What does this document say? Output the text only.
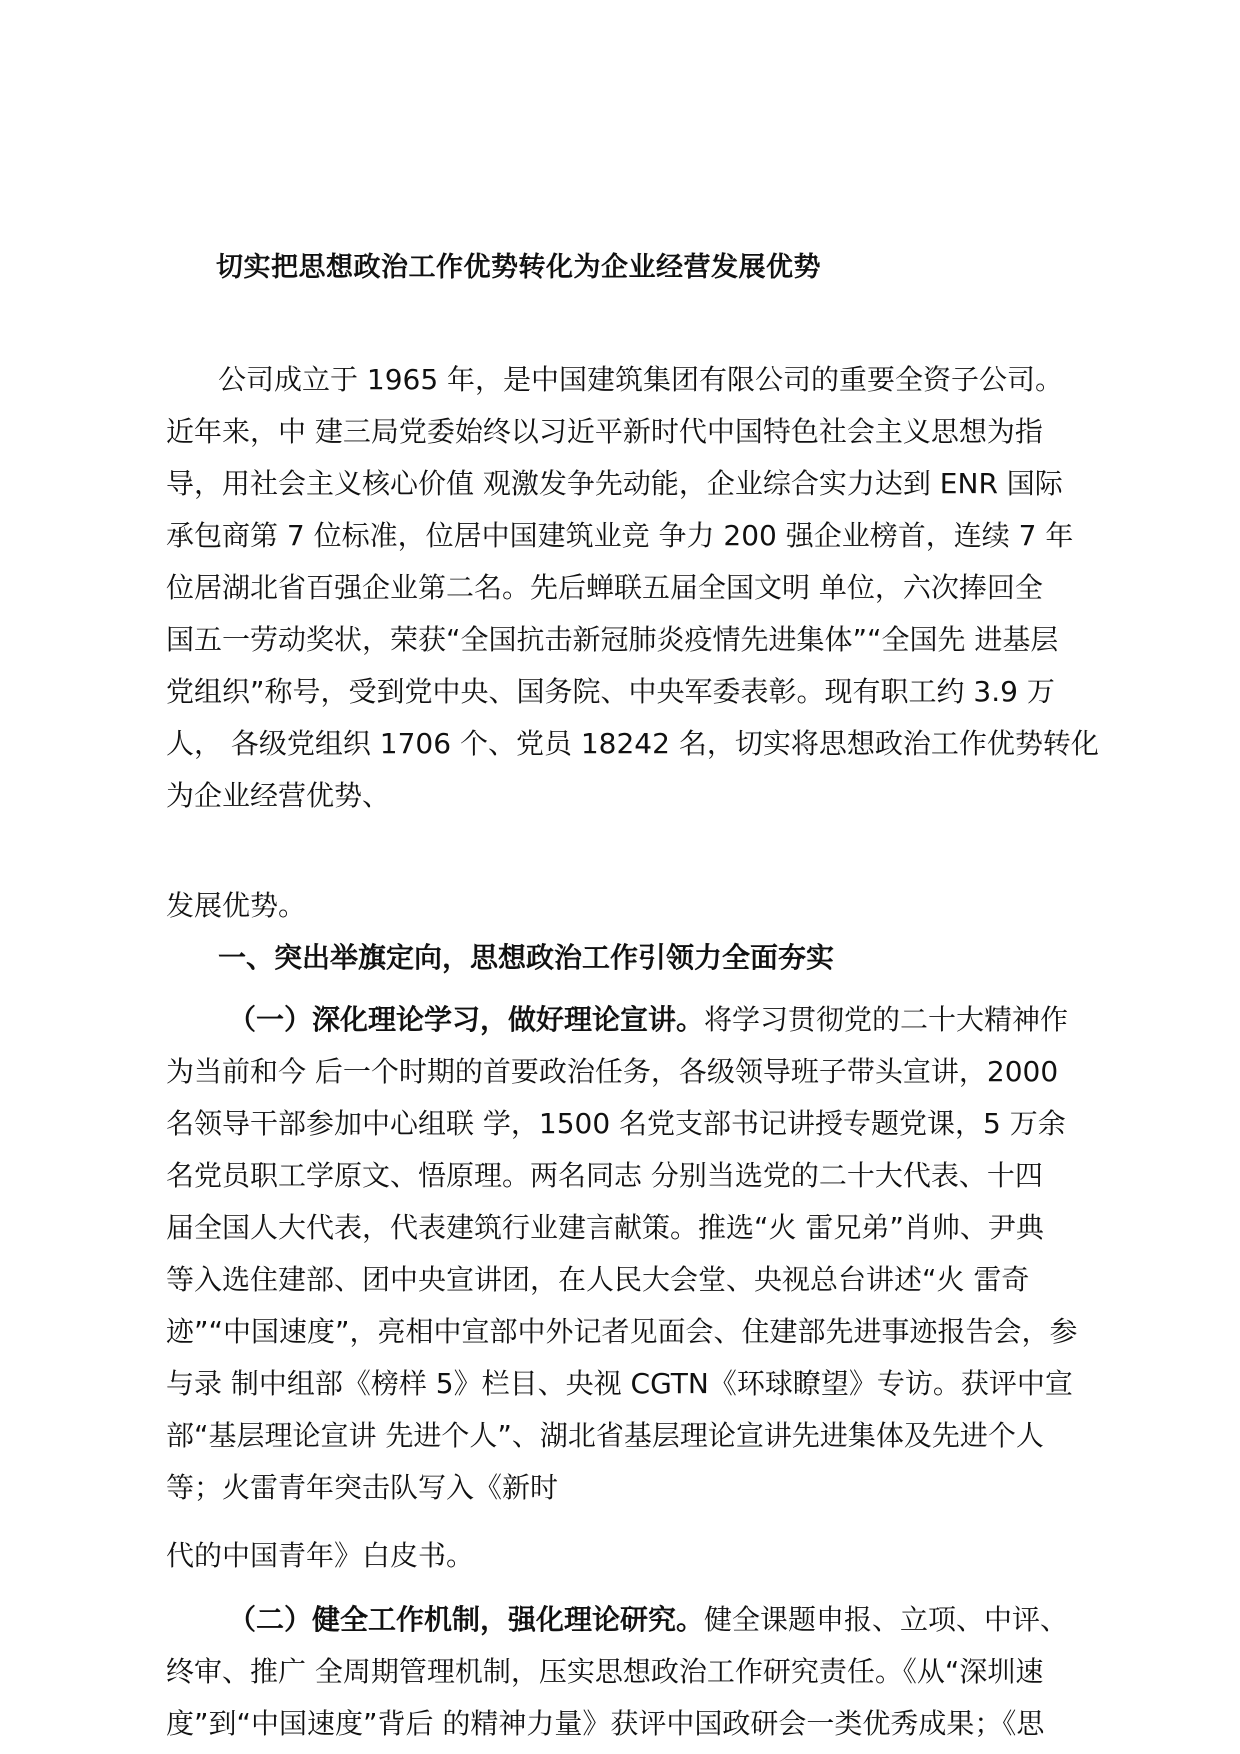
切实把思想政治工作优势转化为企业经营发展优势
公司成立于 1965 年，是中国建筑集团有限公司的重要全资子公司。
近年来，中 建三局党委始终以习近平新时代中国特色社会主义思想为指
导，用社会主义核心价值 观激发争先动能，企业综合实力达到 ENR 国际
承包商第 7 位标准，位居中国建筑业竞 争力 200 强企业榜首，连续 7 年
位居湖北省百强企业第二名。先后蝉联五届全国文明 单位，六次捧回全
国五一劳动奖状，荣获“全国抗击新冠肺炎疫情先进集体”“全国先 进基层
党组织”称号，受到党中央、国务院、中央军委表彰。现有职工约 3.9 万
人， 各级党组织 1706 个、党员 18242 名，切实将思想政治工作优势转化
为企业经营优势、
发展优势。
一、突出举旗定向，思想政治工作引领力全面夯实
（一）深化理论学习，做好理论宣讲。将学习贯彻党的二十大精神作
为当前和今 后一个时期的首要政治任务，各级领导班子带头宣讲，2000
名领导干部参加中心组联 学，1500 名党支部书记讲授专题党课，5 万余
名党员职工学原文、悟原理。两名同志 分别当选党的二十大代表、十四
届全国人大代表，代表建筑行业建言献策。推选“火 雷兄弟”肖帅、尹典
等入选住建部、团中央宣讲团，在人民大会堂、央视总台讲述“火 雷奇
迹”“中国速度”，亮相中宣部中外记者见面会、住建部先进事迹报告会，参
与录 制中组部《榜样 5》栏目、央视 CGTN《环球瞭望》专访。获评中宣
部“基层理论宣讲 先进个人”、湖北省基层理论宣讲先进集体及先进个人
等；火雷青年突击队写入《新时
代的中国青年》白皮书。
（二）健全工作机制，强化理论研究。健全课题申报、立项、中评、
终审、推广 全周期管理机制，压实思想政治工作研究责任。《从“深圳速
度”到“中国速度”背后 的精神力量》获评中国政研会一类优秀成果；《思
